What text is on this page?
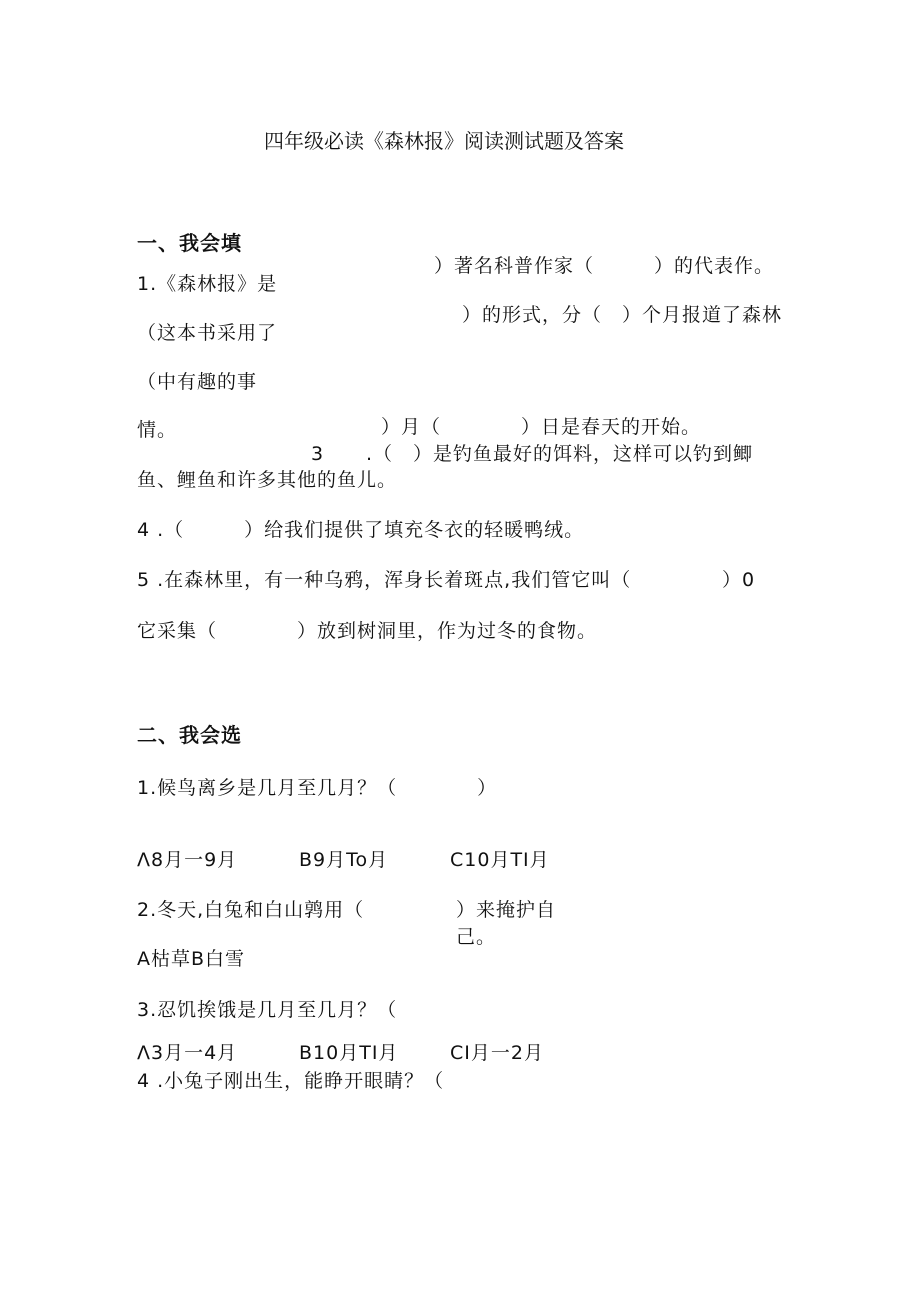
四年级必读《森林报》阅读测试题及答案
一、我会填
）著名科普作家（　　　）的代表作。
1.《森林报》是
）的形式，分（　）个月报道了森林
（这本书采用了
（中有趣的事
情。	）月（　　　　）日是春天的开始。
3 .（　）是钓鱼最好的饵料，这样可以钓到鲫
鱼、鲤鱼和许多其他的鱼儿。
4 .（　　　）给我们提供了填充冬衣的轻暖鸭绒。
5 .在森林里，有一种乌鸦，浑身长着斑点,我们管它叫（	）0
它采集（　　　　）放到树洞里，作为过冬的食物。
二、我会选
1.候鸟离乡是几月至几月？（　　　　）
Λ8月一9月	B9月To月	C10月TI月
2.冬天,白兔和白山鹑用（	）来掩护自
己。
A枯草B白雪
3.忍饥挨饿是几月至几月？（
Λ3月一4月	B10月TI月	CI月一2月
4 .小兔子刚出生，能睁开眼睛？（
